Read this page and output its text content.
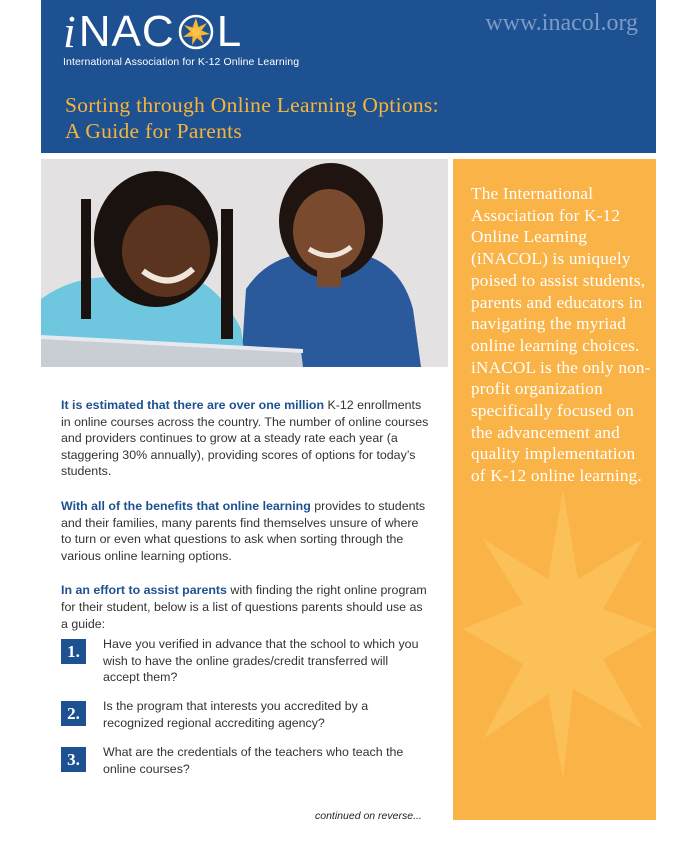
i NAC L
International Association for K-12 Online Learning
www.inacol.org
Sorting through Online Learning Options:
A Guide for Parents
The International Association for K-12 Online Learning (iNACOL) is uniquely poised to assist students, parents and educators in navigating the myriad online learning choices. iNACOL is the only non-profit organization specifically focused on the advancement and quality implementation of K-12 online learning.

It is estimated that there are over one million K-12 enrollments in online courses across the country. The number of online courses and providers continues to grow at a steady rate each year (a staggering 30% annually), providing scores of options for today’s students.

With all of the benefits that online learning provides to students and their families, many parents find themselves unsure of where to turn or even what questions to ask when sorting through the various online learning options.

In an effort to assist parents with finding the right online program for their student, below is a list of questions parents should use as a guide:

1.	Have you verified in advance that the school to which you wish to have the online grades/credit transferred will accept them?
2.	Is the program that interests you accredited by a recognized regional accrediting agency?
3.	What are the credentials of the teachers who teach the online courses?
continued on reverse...
